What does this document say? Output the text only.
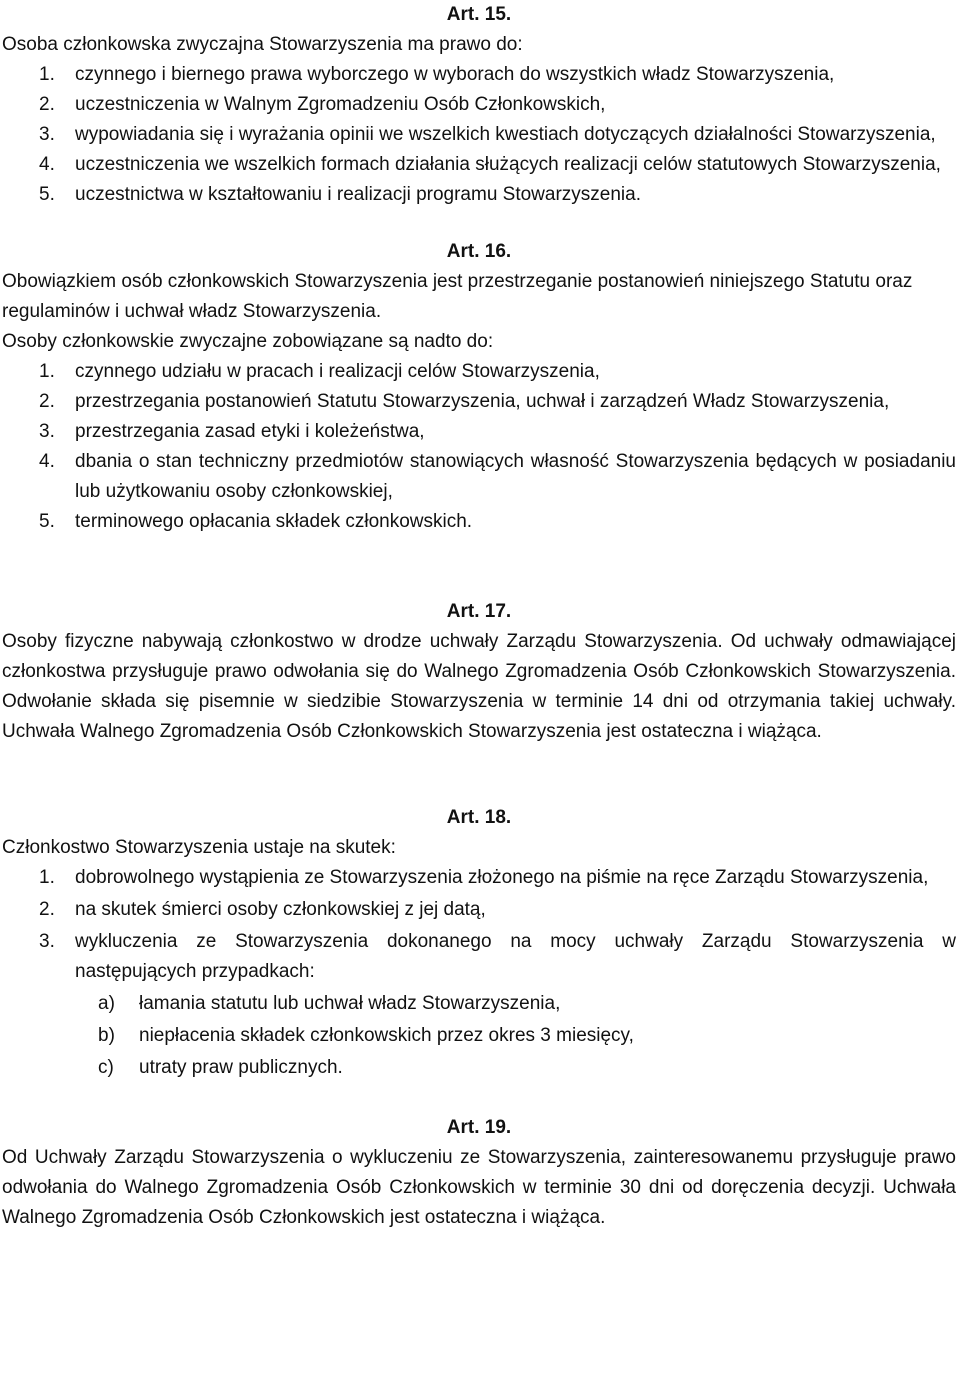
Art. 15.

Osoba członkowska zwyczajna Stowarzyszenia ma prawo do:

1. czynnego i biernego prawa wyborczego w wyborach do wszystkich władz Stowarzyszenia,
2. uczestniczenia w Walnym Zgromadzeniu Osób Członkowskich,
3. wypowiadania się i wyrażania opinii we wszelkich kwestiach dotyczących działalności Stowarzyszenia,
4. uczestniczenia we wszelkich formach działania służących realizacji celów statutowych Stowarzyszenia,
5. uczestnictwa w kształtowaniu i realizacji programu Stowarzyszenia.
Art. 16.

Obowiązkiem osób członkowskich Stowarzyszenia jest przestrzeganie postanowień niniejszego Statutu oraz regulaminów i uchwał władz Stowarzyszenia.

Osoby członkowskie zwyczajne zobowiązane są nadto do:

1. czynnego udziału w pracach i realizacji celów Stowarzyszenia,
2. przestrzegania postanowień Statutu Stowarzyszenia, uchwał i zarządzeń Władz Stowarzyszenia,
3. przestrzegania zasad etyki i koleżeństwa,
4. dbania o stan techniczny przedmiotów stanowiących własność Stowarzyszenia będących w posiadaniu lub użytkowaniu osoby członkowskiej,
5. terminowego opłacania składek członkowskich.
Art. 17.

Osoby fizyczne nabywają członkostwo w drodze uchwały Zarządu Stowarzyszenia. Od uchwały odmawiającej członkostwa przysługuje prawo odwołania się do Walnego Zgromadzenia Osób Członkowskich Stowarzyszenia. Odwołanie składa się pisemnie w siedzibie Stowarzyszenia w terminie 14 dni od otrzymania takiej uchwały. Uchwała Walnego Zgromadzenia Osób Członkowskich Stowarzyszenia jest ostateczna i wiążąca.

Art. 18.

Członkostwo Stowarzyszenia ustaje na skutek:

1. dobrowolnego wystąpienia ze Stowarzyszenia złożonego na piśmie na ręce Zarządu Stowarzyszenia,
2. na skutek śmierci osoby członkowskiej z jej datą,
3. wykluczenia ze Stowarzyszenia dokonanego na mocy uchwały Zarządu Stowarzyszenia w następujących przypadkach:
a) łamania statutu lub uchwał władz Stowarzyszenia,
b) niepłacenia składek członkowskich przez okres 3 miesięcy,
c) utraty praw publicznych.
Art. 19.

Od Uchwały Zarządu Stowarzyszenia o wykluczeniu ze Stowarzyszenia, zainteresowanemu przysługuje prawo odwołania do Walnego Zgromadzenia Osób Członkowskich w terminie 30 dni od doręczenia decyzji. Uchwała Walnego Zgromadzenia Osób Członkowskich jest ostateczna i wiążąca.
